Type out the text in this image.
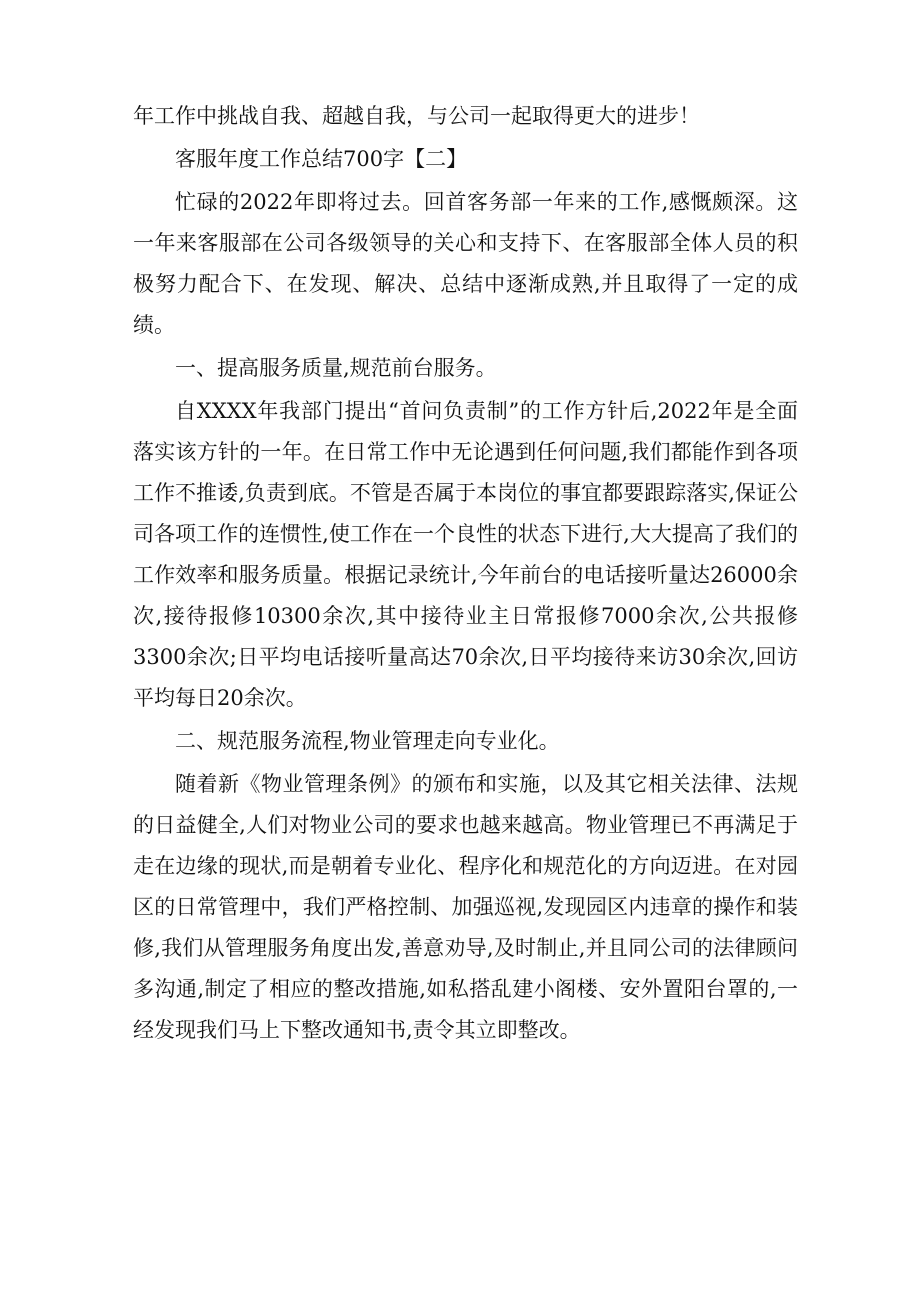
年工作中挑战自我、超越自我，与公司一起取得更大的进步！

客服年度工作总结700字【二】

忙碌的2022年即将过去。回首客务部一年来的工作,感慨颇深。这一年来客服部在公司各级领导的关心和支持下、在客服部全体人员的积极努力配合下、在发现、解决、总结中逐渐成熟,并且取得了一定的成绩。

一、提高服务质量,规范前台服务。

自XXXX年我部门提出“首问负责制”的工作方针后,2022年是全面落实该方针的一年。在日常工作中无论遇到任何问题,我们都能作到各项工作不推诿,负责到底。不管是否属于本岗位的事宜都要跟踪落实,保证公司各项工作的连惯性,使工作在一个良性的状态下进行,大大提高了我们的工作效率和服务质量。根据记录统计,今年前台的电话接听量达26000余次,接待报修10300余次,其中接待业主日常报修7000余次,公共报修3300余次;日平均电话接听量高达70余次,日平均接待来访30余次,回访平均每日20余次。

二、规范服务流程,物业管理走向专业化。

随着新《物业管理条例》的颁布和实施，以及其它相关法律、法规的日益健全,人们对物业公司的要求也越来越高。物业管理已不再满足于走在边缘的现状,而是朝着专业化、程序化和规范化的方向迈进。在对园区的日常管理中，我们严格控制、加强巡视,发现园区内违章的操作和装修,我们从管理服务角度出发,善意劝导,及时制止,并且同公司的法律顾问多沟通,制定了相应的整改措施,如私搭乱建小阁楼、安外置阳台罩的,一经发现我们马上下整改通知书,责令其立即整改。
